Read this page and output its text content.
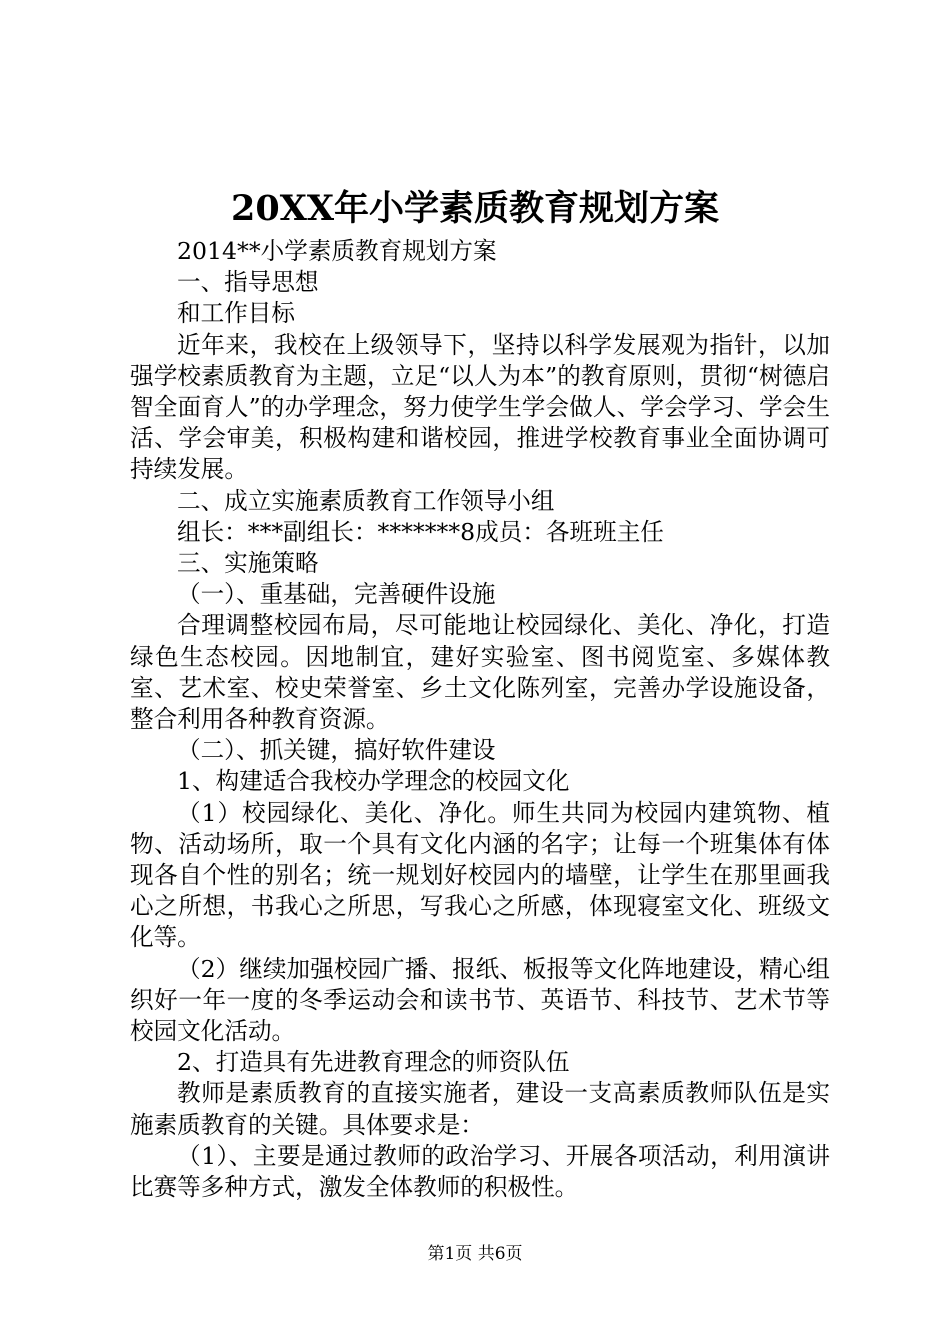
20XX年小学素质教育规划方案

2014**小学素质教育规划方案

一、指导思想

和工作目标

近年来，我校在上级领导下，坚持以科学发展观为指针，以加强学校素质教育为主题，立足“以人为本”的教育原则，贯彻“树德启智全面育人”的办学理念，努力使学生学会做人、学会学习、学会生活、学会审美，积极构建和谐校园，推进学校教育事业全面协调可持续发展。

二、成立实施素质教育工作领导小组

组长：***副组长：*******8成员：各班班主任

三、实施策略

（一）、重基础，完善硬件设施

合理调整校园布局，尽可能地让校园绿化、美化、净化，打造绿色生态校园。因地制宜，建好实验室、图书阅览室、多媒体教室、艺术室、校史荣誉室、乡土文化陈列室，完善办学设施设备，整合利用各种教育资源。

（二）、抓关键，搞好软件建设

1、构建适合我校办学理念的校园文化

（1）校园绿化、美化、净化。师生共同为校园内建筑物、植物、活动场所，取一个具有文化内涵的名字；让每一个班集体有体现各自个性的别名；统一规划好校园内的墙壁，让学生在那里画我心之所想，书我心之所思，写我心之所感，体现寝室文化、班级文化等。

（2）继续加强校园广播、报纸、板报等文化阵地建设，精心组织好一年一度的冬季运动会和读书节、英语节、科技节、艺术节等校园文化活动。

2、打造具有先进教育理念的师资队伍

教师是素质教育的直接实施者，建设一支高素质教师队伍是实施素质教育的关键。具体要求是：

（1）、主要是通过教师的政治学习、开展各项活动，利用演讲比赛等多种方式，激发全体教师的积极性。

第1页 共6页
